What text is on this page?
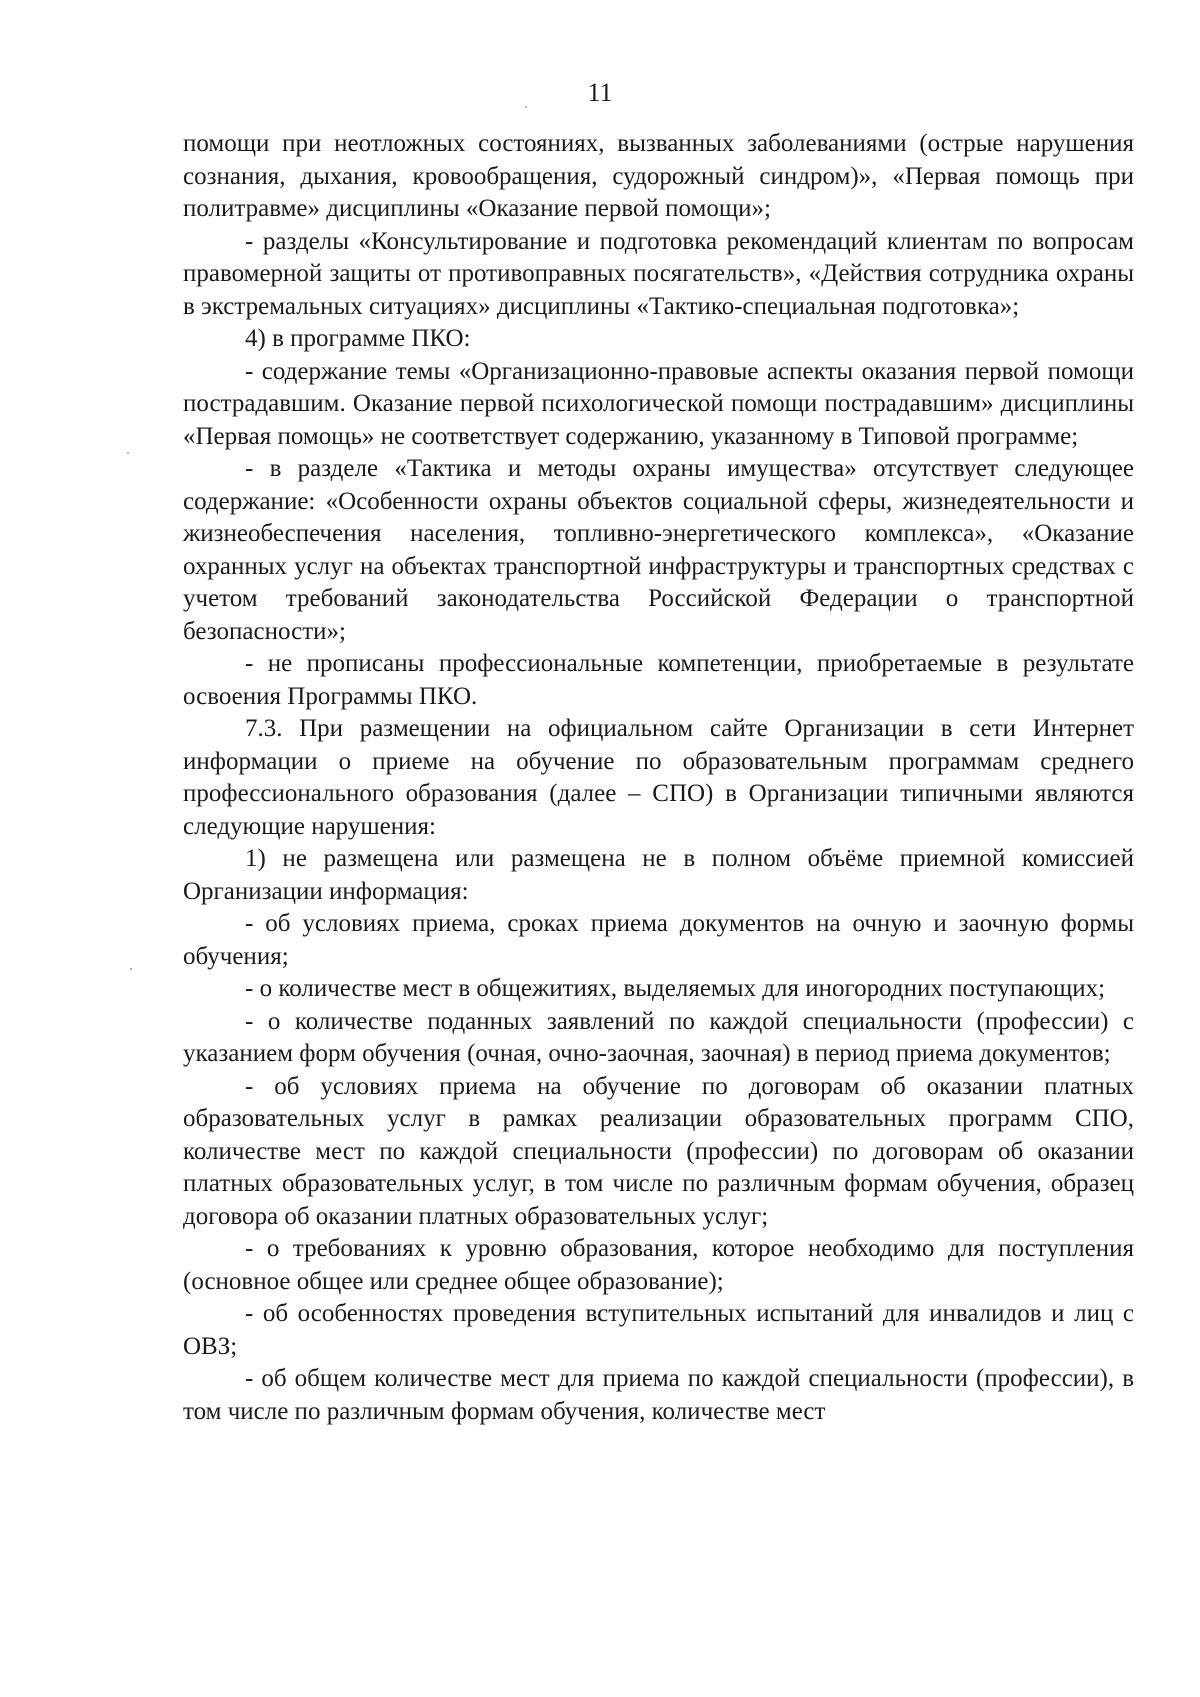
11

помощи при неотложных состояниях, вызванных заболеваниями (острые нарушения сознания, дыхания, кровообращения, судорожный синдром)», «Первая помощь при политравме» дисциплины «Оказание первой помощи»;

- разделы «Консультирование и подготовка рекомендаций клиентам по вопросам правомерной защиты от противоправных посягательств», «Действия сотрудника охраны в экстремальных ситуациях» дисциплины «Тактико-специальная подготовка»;

4) в программе ПКО:

- содержание темы «Организационно-правовые аспекты оказания первой помощи пострадавшим. Оказание первой психологической помощи пострадавшим» дисциплины «Первая помощь» не соответствует содержанию, указанному в Типовой программе;

- в разделе «Тактика и методы охраны имущества» отсутствует следующее содержание: «Особенности охраны объектов социальной сферы, жизнедеятельности и жизнеобеспечения населения, топливно-энергетического комплекса», «Оказание охранных услуг на объектах транспортной инфраструктуры и транспортных средствах с учетом требований законодательства Российской Федерации о транспортной безопасности»;

- не прописаны профессиональные компетенции, приобретаемые в результате освоения Программы ПКО.

7.3. При размещении на официальном сайте Организации в сети Интернет информации о приеме на обучение по образовательным программам среднего профессионального образования (далее – СПО) в Организации типичными являются следующие нарушения:

1) не размещена или размещена не в полном объёме приемной комиссией Организации информация:

- об условиях приема, сроках приема документов на очную и заочную формы обучения;

- о количестве мест в общежитиях, выделяемых для иногородних поступающих;

- о количестве поданных заявлений по каждой специальности (профессии) с указанием форм обучения (очная, очно-заочная, заочная) в период приема документов;

- об условиях приема на обучение по договорам об оказании платных образовательных услуг в рамках реализации образовательных программ СПО, количестве мест по каждой специальности (профессии) по договорам об оказании платных образовательных услуг, в том числе по различным формам обучения, образец договора об оказании платных образовательных услуг;

- о требованиях к уровню образования, которое необходимо для поступления (основное общее или среднее общее образование);

- об особенностях проведения вступительных испытаний для инвалидов и лиц с ОВЗ;

- об общем количестве мест для приема по каждой специальности (профессии), в том числе по различным формам обучения, количестве мест
